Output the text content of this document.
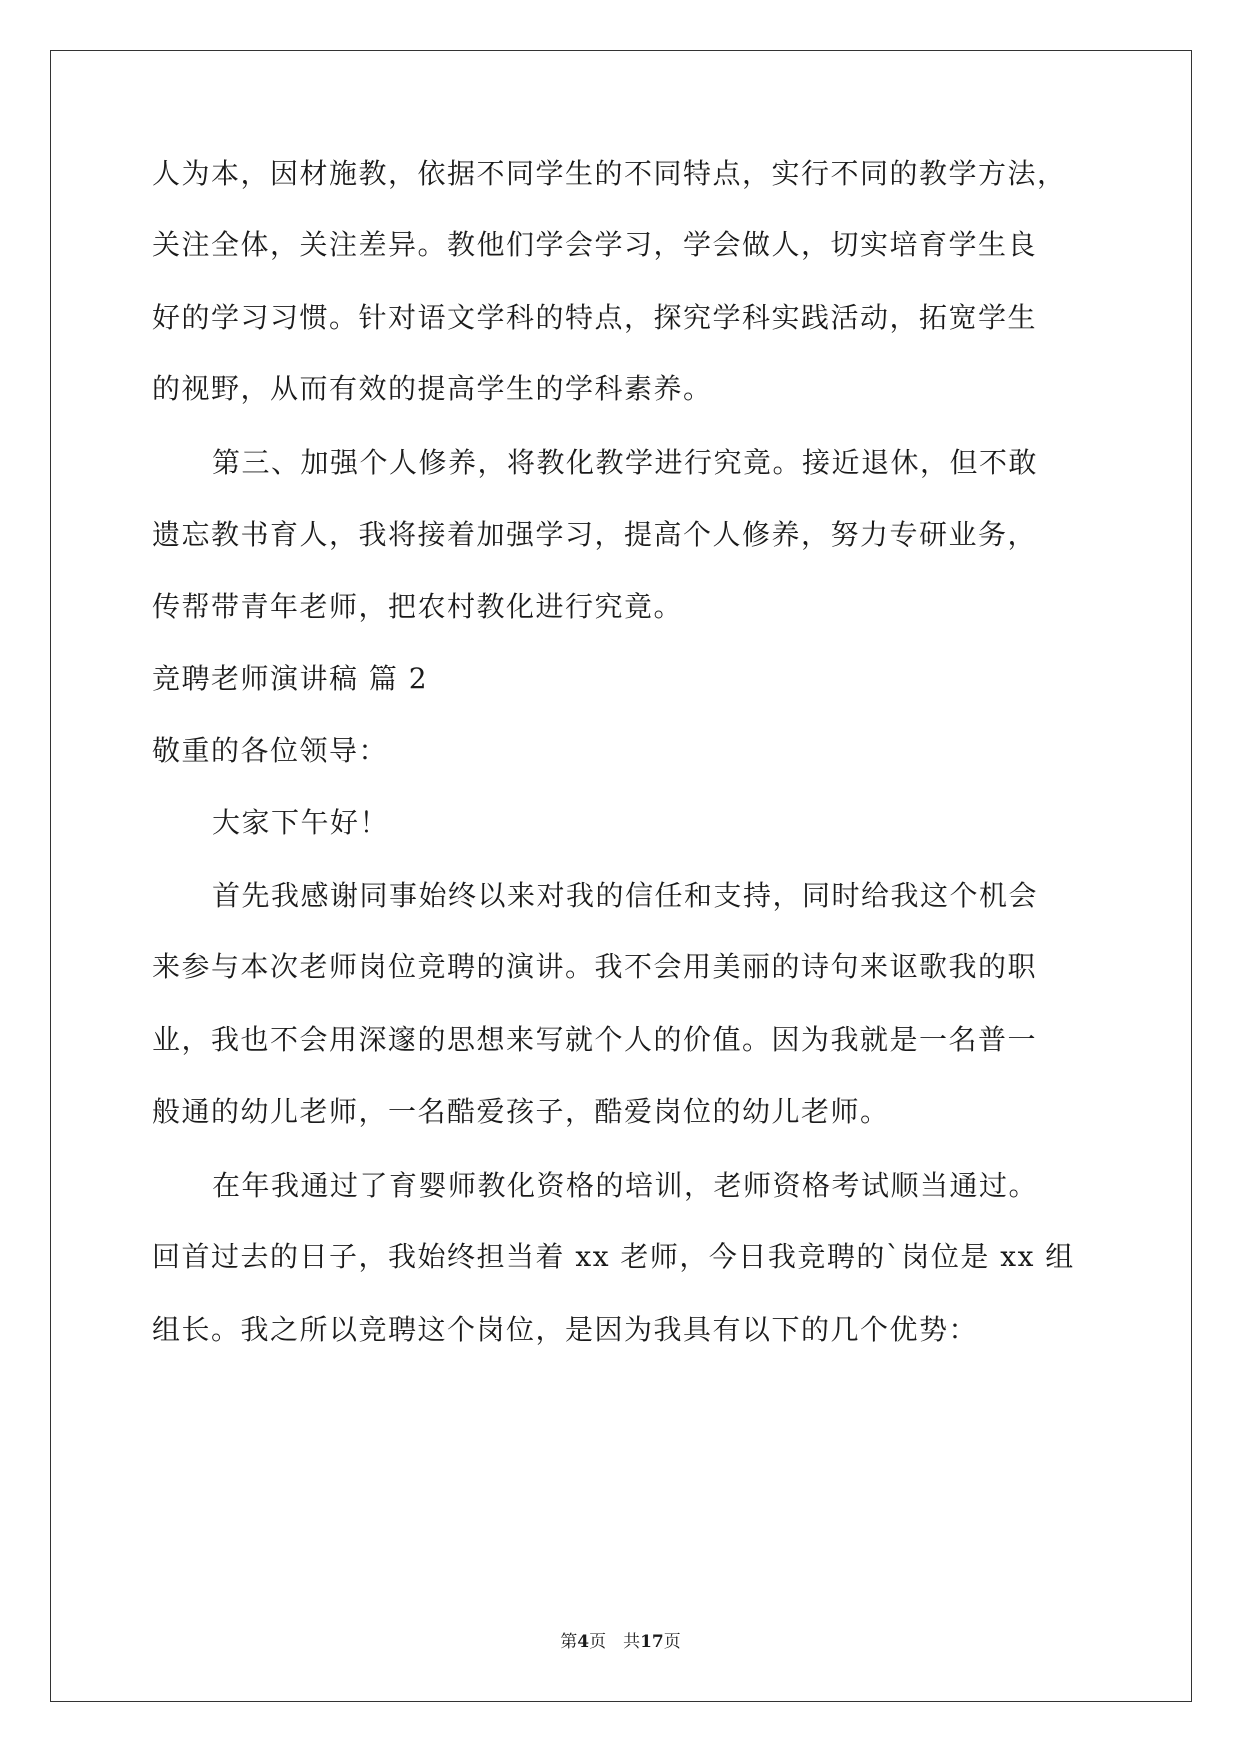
人为本，因材施教，依据不同学生的不同特点，实行不同的教学方法，
关注全体，关注差异。教他们学会学习，学会做人，切实培育学生良
好的学习习惯。针对语文学科的特点，探究学科实践活动，拓宽学生
的视野，从而有效的提高学生的学科素养。
第三、加强个人修养，将教化教学进行究竟。接近退休，但不敢
遗忘教书育人，我将接着加强学习，提高个人修养，努力专研业务，
传帮带青年老师，把农村教化进行究竟。
竞聘老师演讲稿 篇 2
敬重的各位领导：
大家下午好！
首先我感谢同事始终以来对我的信任和支持，同时给我这个机会
来参与本次老师岗位竞聘的演讲。我不会用美丽的诗句来讴歌我的职
业，我也不会用深邃的思想来写就个人的价值。因为我就是一名普一
般通的幼儿老师，一名酷爱孩子，酷爱岗位的幼儿老师。
在年我通过了育婴师教化资格的培训，老师资格考试顺当通过。
回首过去的日子，我始终担当着 xx 老师，今日我竞聘的`岗位是 xx 组
组长。我之所以竞聘这个岗位，是因为我具有以下的几个优势：
第4页　共17页
